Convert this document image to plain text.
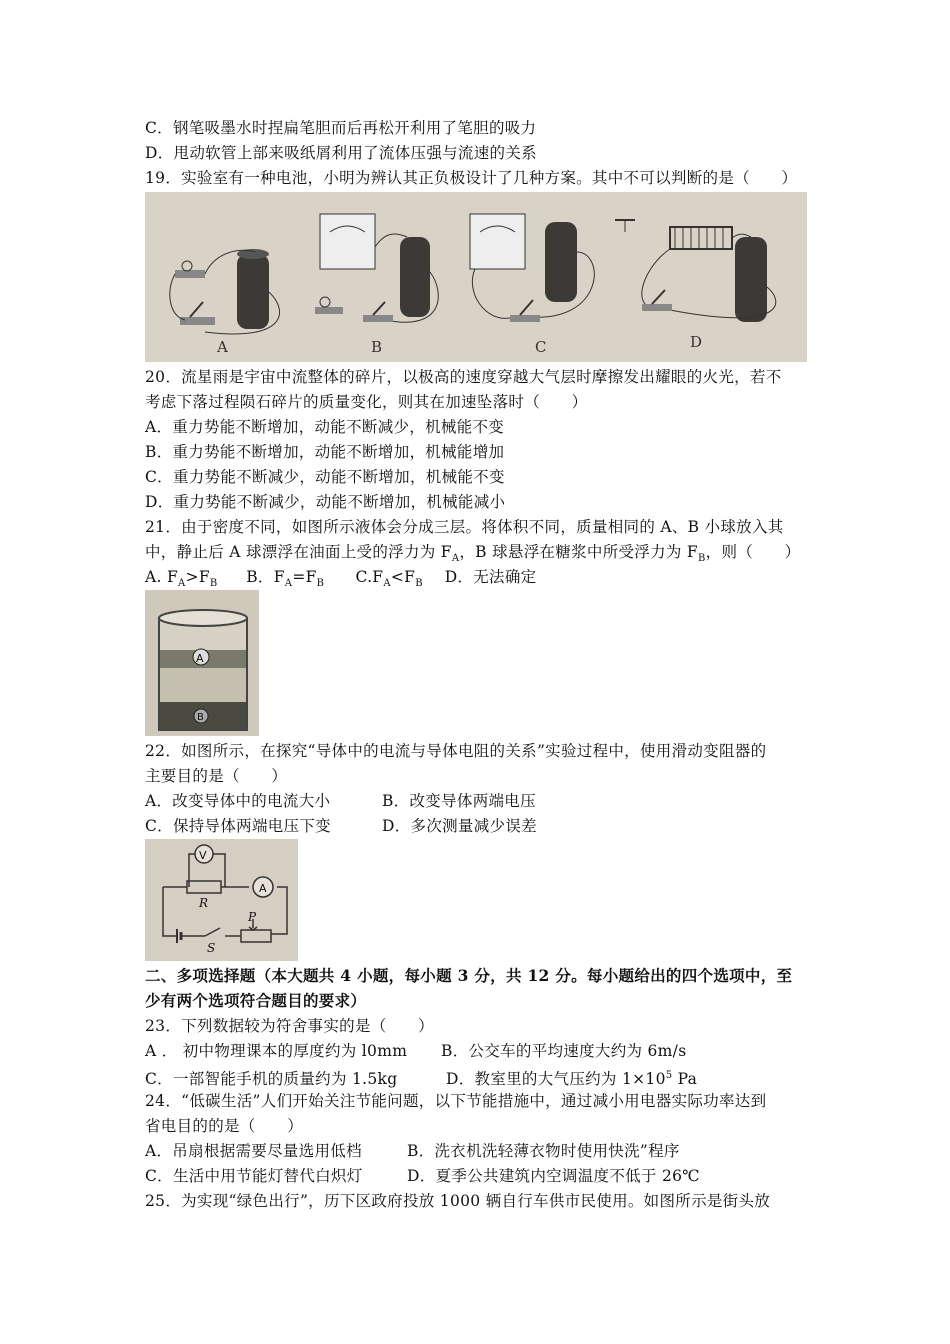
C．钢笔吸墨水时捏扁笔胆而后再松开利用了笔胆的吸力
D．甩动软管上部来吸纸屑利用了流体压强与流速的关系
19．实验室有一种电池，小明为辨认其正负极设计了几种方案。其中不可以判断的是（　　）
A	B	C	D
20．流星雨是宇宙中流整体的碎片，以极高的速度穿越大气层时摩擦发出耀眼的火光，若不
考虑下落过程陨石碎片的质量变化，则其在加速坠落时（　　）
A．重力势能不断增加，动能不断减少，机械能不变
B．重力势能不断增加，动能不断增加，机械能增加
C．重力势能不断减少，动能不断增加，机械能不变
D．重力势能不断减少，动能不断增加，机械能减小
21．由于密度不同，如图所示液体会分成三层。将体积不同，质量相同的 A、B 小球放入其
中，静止后 A 球漂浮在油面上受的浮力为 $F_A$，B 球悬浮在糖浆中所受浮力为 $F_B$，则（　　）
A. $F_A>F_B$ B．$F_A=F_B$ $C.F_A<F_B$ D．无法确定
A
B
22．如图所示，在探究“导体中的电流与导体电阻的关系”实验过程中，使用滑动变阻器的
主要目的是（　　）
A．改变导体中的电流大小	B．改变导体两端电压
C．保持导体两端电压下变	D．多次测量减少误差
V
A
R
P
S
二、多项选择题（本大题共 4 小题，每小题 3 分，共 12 分。每小题给出的四个选项中，至
少有两个选项符合题目的要求）
23．下列数据较为符舍事实的是（　　）
A ． 初中物理课本的厚度约为 l0mm B．公交车的平均速度大约为 6m/s
C．一部智能手机的质量约为 1.5kg	D．教室里的大气压约为 $1\times 10^5$ Pa
24．“低碳生活”人们开始关注节能问题，以下节能措施中，通过减小用电器实际功率达到
省电目的的是（　　）
A．吊扇根据需要尽量选用低档	B．洗衣机洗轻薄衣物时使用快洗”程序
C．生活中用节能灯替代白炽灯	D．夏季公共建筑内空调温度不低于 26℃
25．为实现“绿色出行”，历下区政府投放 1000 辆自行车供市民使用。如图所示是街头放
